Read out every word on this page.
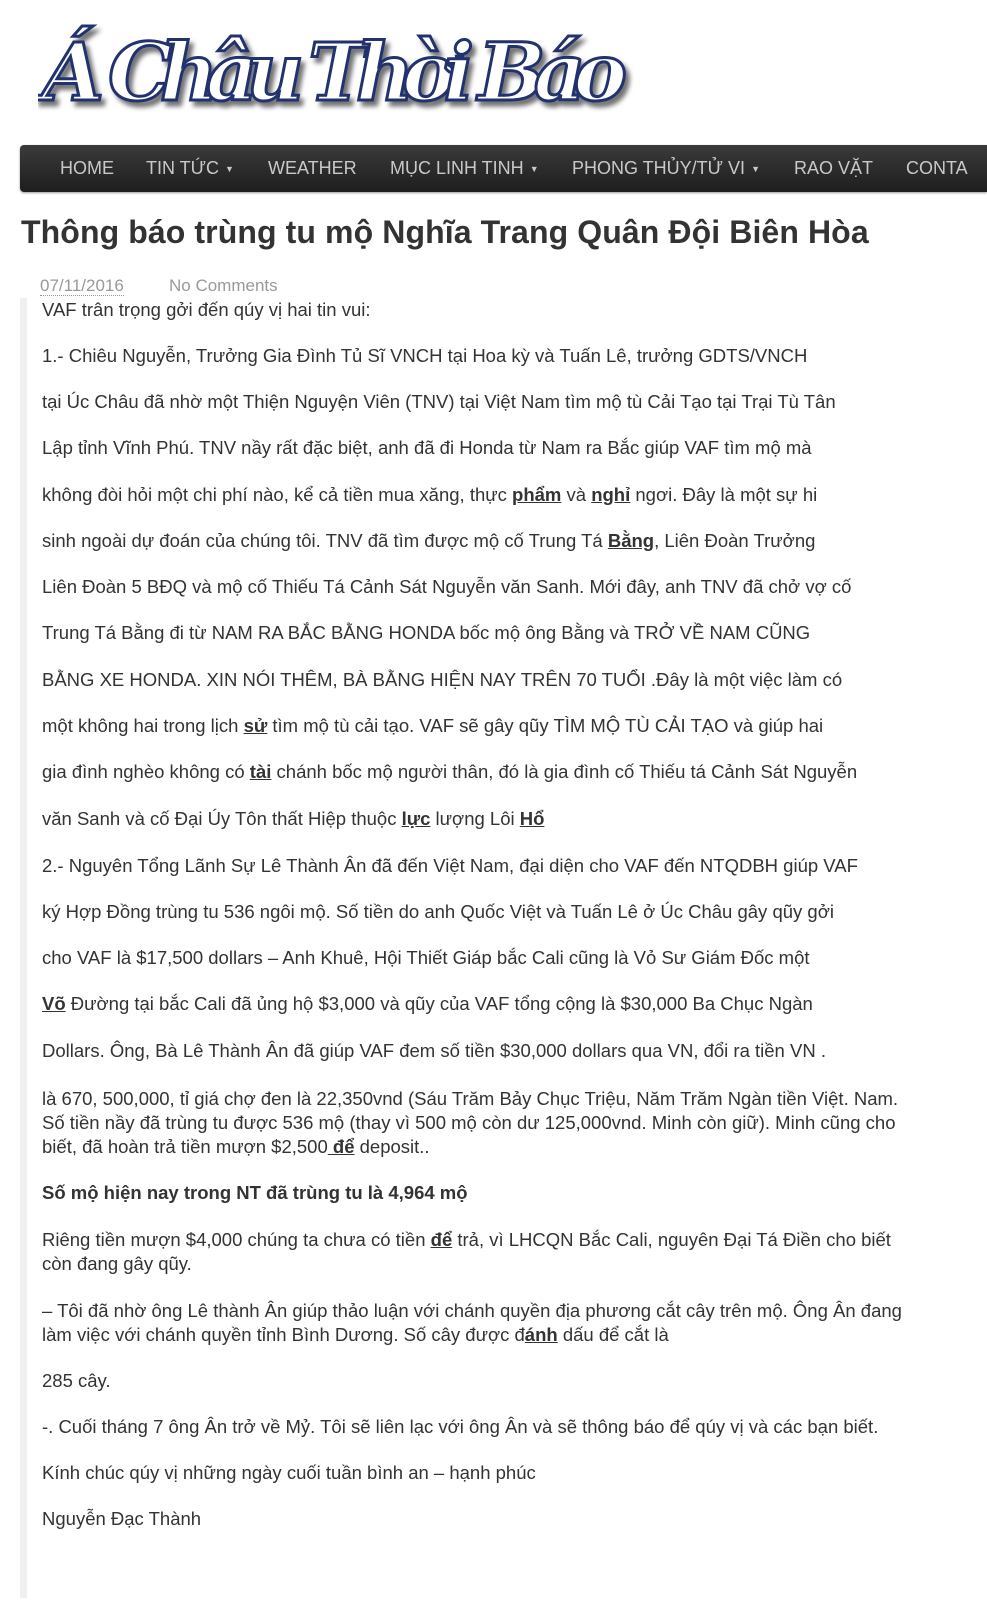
Á Châu Thời Báo
HOME TIN TỨC ▼ WEATHER MỤC LINH TINH ▼ PHONG THỦY/TỬ VI ▼ RAO VẶT CONTA
Thông báo trùng tu mộ Nghĩa Trang Quân Đội Biên Hòa
07/11/2016	No Comments
VAF trân trọng gởi đến qúy vị hai tin vui:
1.- Chiêu Nguyễn, Trưởng Gia Đình Tủ Sĩ VNCH tại Hoa kỳ và Tuấn Lê, trưởng GDTS/VNCH
tại Úc Châu đã nhờ một Thiện Nguyện Viên (TNV) tại Việt Nam tìm mộ tù Cải Tạo tại Trại Tù Tân
Lập tỉnh Vĩnh Phú. TNV nầy rất đặc biệt, anh đã đi Honda từ Nam ra Bắc giúp VAF tìm mộ mà
không đòi hỏi một chi phí nào, kể cả tiền mua xăng, thực phẩm và nghỉ ngơi. Đây là một sự hi
sinh ngoài dự đoán của chúng tôi. TNV đã tìm được mộ cố Trung Tá Bằng, Liên Đoàn Trưởng
Liên Đoàn 5 BĐQ và mộ cố Thiếu Tá Cảnh Sát Nguyễn văn Sanh. Mới đây, anh TNV đã chở vợ cố
Trung Tá Bằng đi từ NAM RA BẮC BẰNG HONDA bốc mộ ông Bằng và TRỞ VỀ NAM CŨNG
BẰNG XE HONDA. XIN NÓI THÊM, BÀ BẰNG HIỆN NAY TRÊN 70 TUỔI .Đây là một việc làm có
một không hai trong lịch sử tìm mộ tù cải tạo. VAF sẽ gây qũy TÌM MỘ TÙ CẢI TẠO và giúp hai
gia đình nghèo không có tài chánh bốc mộ người thân, đó là gia đình cố Thiếu tá Cảnh Sát Nguyễn
văn Sanh và cố Đại Úy Tôn thất Hiệp thuộc lực lượng Lôi Hổ
2.- Nguyên Tổng Lãnh Sự Lê Thành Ân đã đến Việt Nam, đại diện cho VAF đến NTQDBH giúp VAF
ký Hợp Đồng trùng tu 536 ngôi mộ. Số tiền do anh Quốc Việt và Tuấn Lê ở Úc Châu gây qũy gởi
cho VAF là $17,500 dollars – Anh Khuê, Hội Thiết Giáp bắc Cali cũng là Vỏ Sư Giám Đốc một
Võ Đường tại bắc Cali đã ủng hộ $3,000 và qũy của VAF tổng cộng là $30,000 Ba Chục Ngàn
Dollars. Ông, Bà Lê Thành Ân đã giúp VAF đem số tiền $30,000 dollars qua VN, đổi ra tiền VN .
là 670, 500,000, tỉ giá chợ đen là 22,350vnd (Sáu Trăm Bảy Chục Triệu, Năm Trăm Ngàn tiền Việt. Nam.
Số tiền nầy đã trùng tu được 536 mộ (thay vì 500 mộ còn dư 125,000vnd. Minh còn giữ). Minh cũng cho
biết, đã hoàn trả tiền mượn $2,500 để deposit..
Số mộ hiện nay trong NT đã trùng tu là 4,964 mộ
Riêng tiền mượn $4,000 chúng ta chưa có tiền để trả, vì LHCQN Bắc Cali, nguyên Đại Tá Điền cho biết
còn đang gây qũy.
– Tôi đã nhờ ông Lê thành Ân giúp thảo luận với chánh quyền địa phương cắt cây trên mộ. Ông Ân đang
làm việc với chánh quyền tỉnh Bình Dương. Số cây được đánh dấu để cắt là
285 cây.
-. Cuối tháng 7 ông Ân trở về Mỷ. Tôi sẽ liên lạc với ông Ân và sẽ thông báo để qúy vị và các bạn biết.
Kính chúc qúy vị những ngày cuối tuần bình an – hạnh phúc
Nguyễn Đạc Thành
